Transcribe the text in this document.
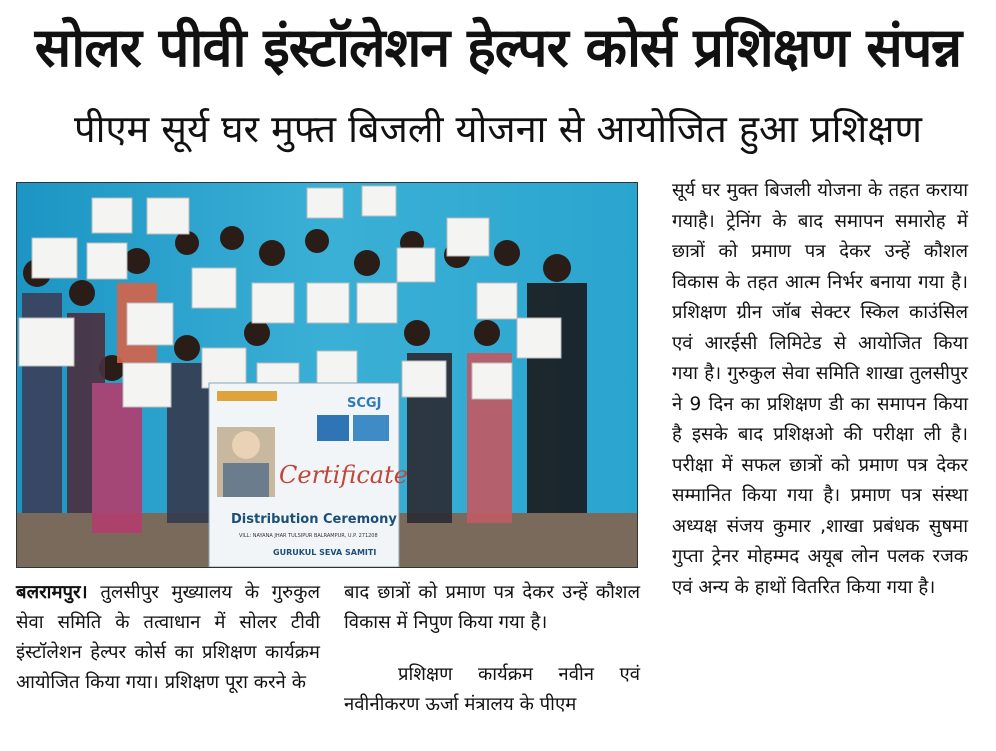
सोलर पीवी इंस्टॉलेशन हेल्पर कोर्स प्रशिक्षण संपन्न
पीएम सूर्य घर मुफ्त बिजली योजना से आयोजित हुआ प्रशिक्षण
SCGJ
Certificate
Distribution Ceremony
VILL: NAYANA JHAR TULSIPUR BALRAMPUR, U.P. 271208
GURUKUL SEVA SAMITI
बलरामपुर। तुलसीपुर मुख्यालय के गुरुकुल सेवा समिति के तत्वाधान में सोलर टीवी इंस्टॉलेशन हेल्पर कोर्स का प्रशिक्षण कार्यक्रम आयोजित किया गया। प्रशिक्षण पूरा करने के
बाद छात्रों को प्रमाण पत्र देकर उन्हें कौशल विकास में निपुण किया गया है।
प्रशिक्षण कार्यक्रम नवीन एवं नवीनीकरण ऊर्जा मंत्रालय के पीएम
सूर्य घर मुक्त बिजली योजना के तहत कराया गयाहै। ट्रेनिंग के बाद समापन समारोह में छात्रों को प्रमाण पत्र देकर उन्हें कौशल विकास के तहत आत्म निर्भर बनाया गया है। प्रशिक्षण ग्रीन जॉब सेक्टर स्किल काउंसिल एवं आरईसी लिमिटेड से आयोजित किया गया है। गुरुकुल सेवा समिति शाखा तुलसीपुर ने 9 दिन का प्रशिक्षण डी का समापन किया है इसके बाद प्रशिक्षओ की परीक्षा ली है। परीक्षा में सफल छात्रों को प्रमाण पत्र देकर सम्मानित किया गया है। प्रमाण पत्र संस्था अध्यक्ष संजय कुमार ,शाखा प्रबंधक सुषमा गुप्ता ट्रेनर मोहम्मद अयूब लोन पलक रजक एवं अन्य के हाथों वितरित किया गया है।
